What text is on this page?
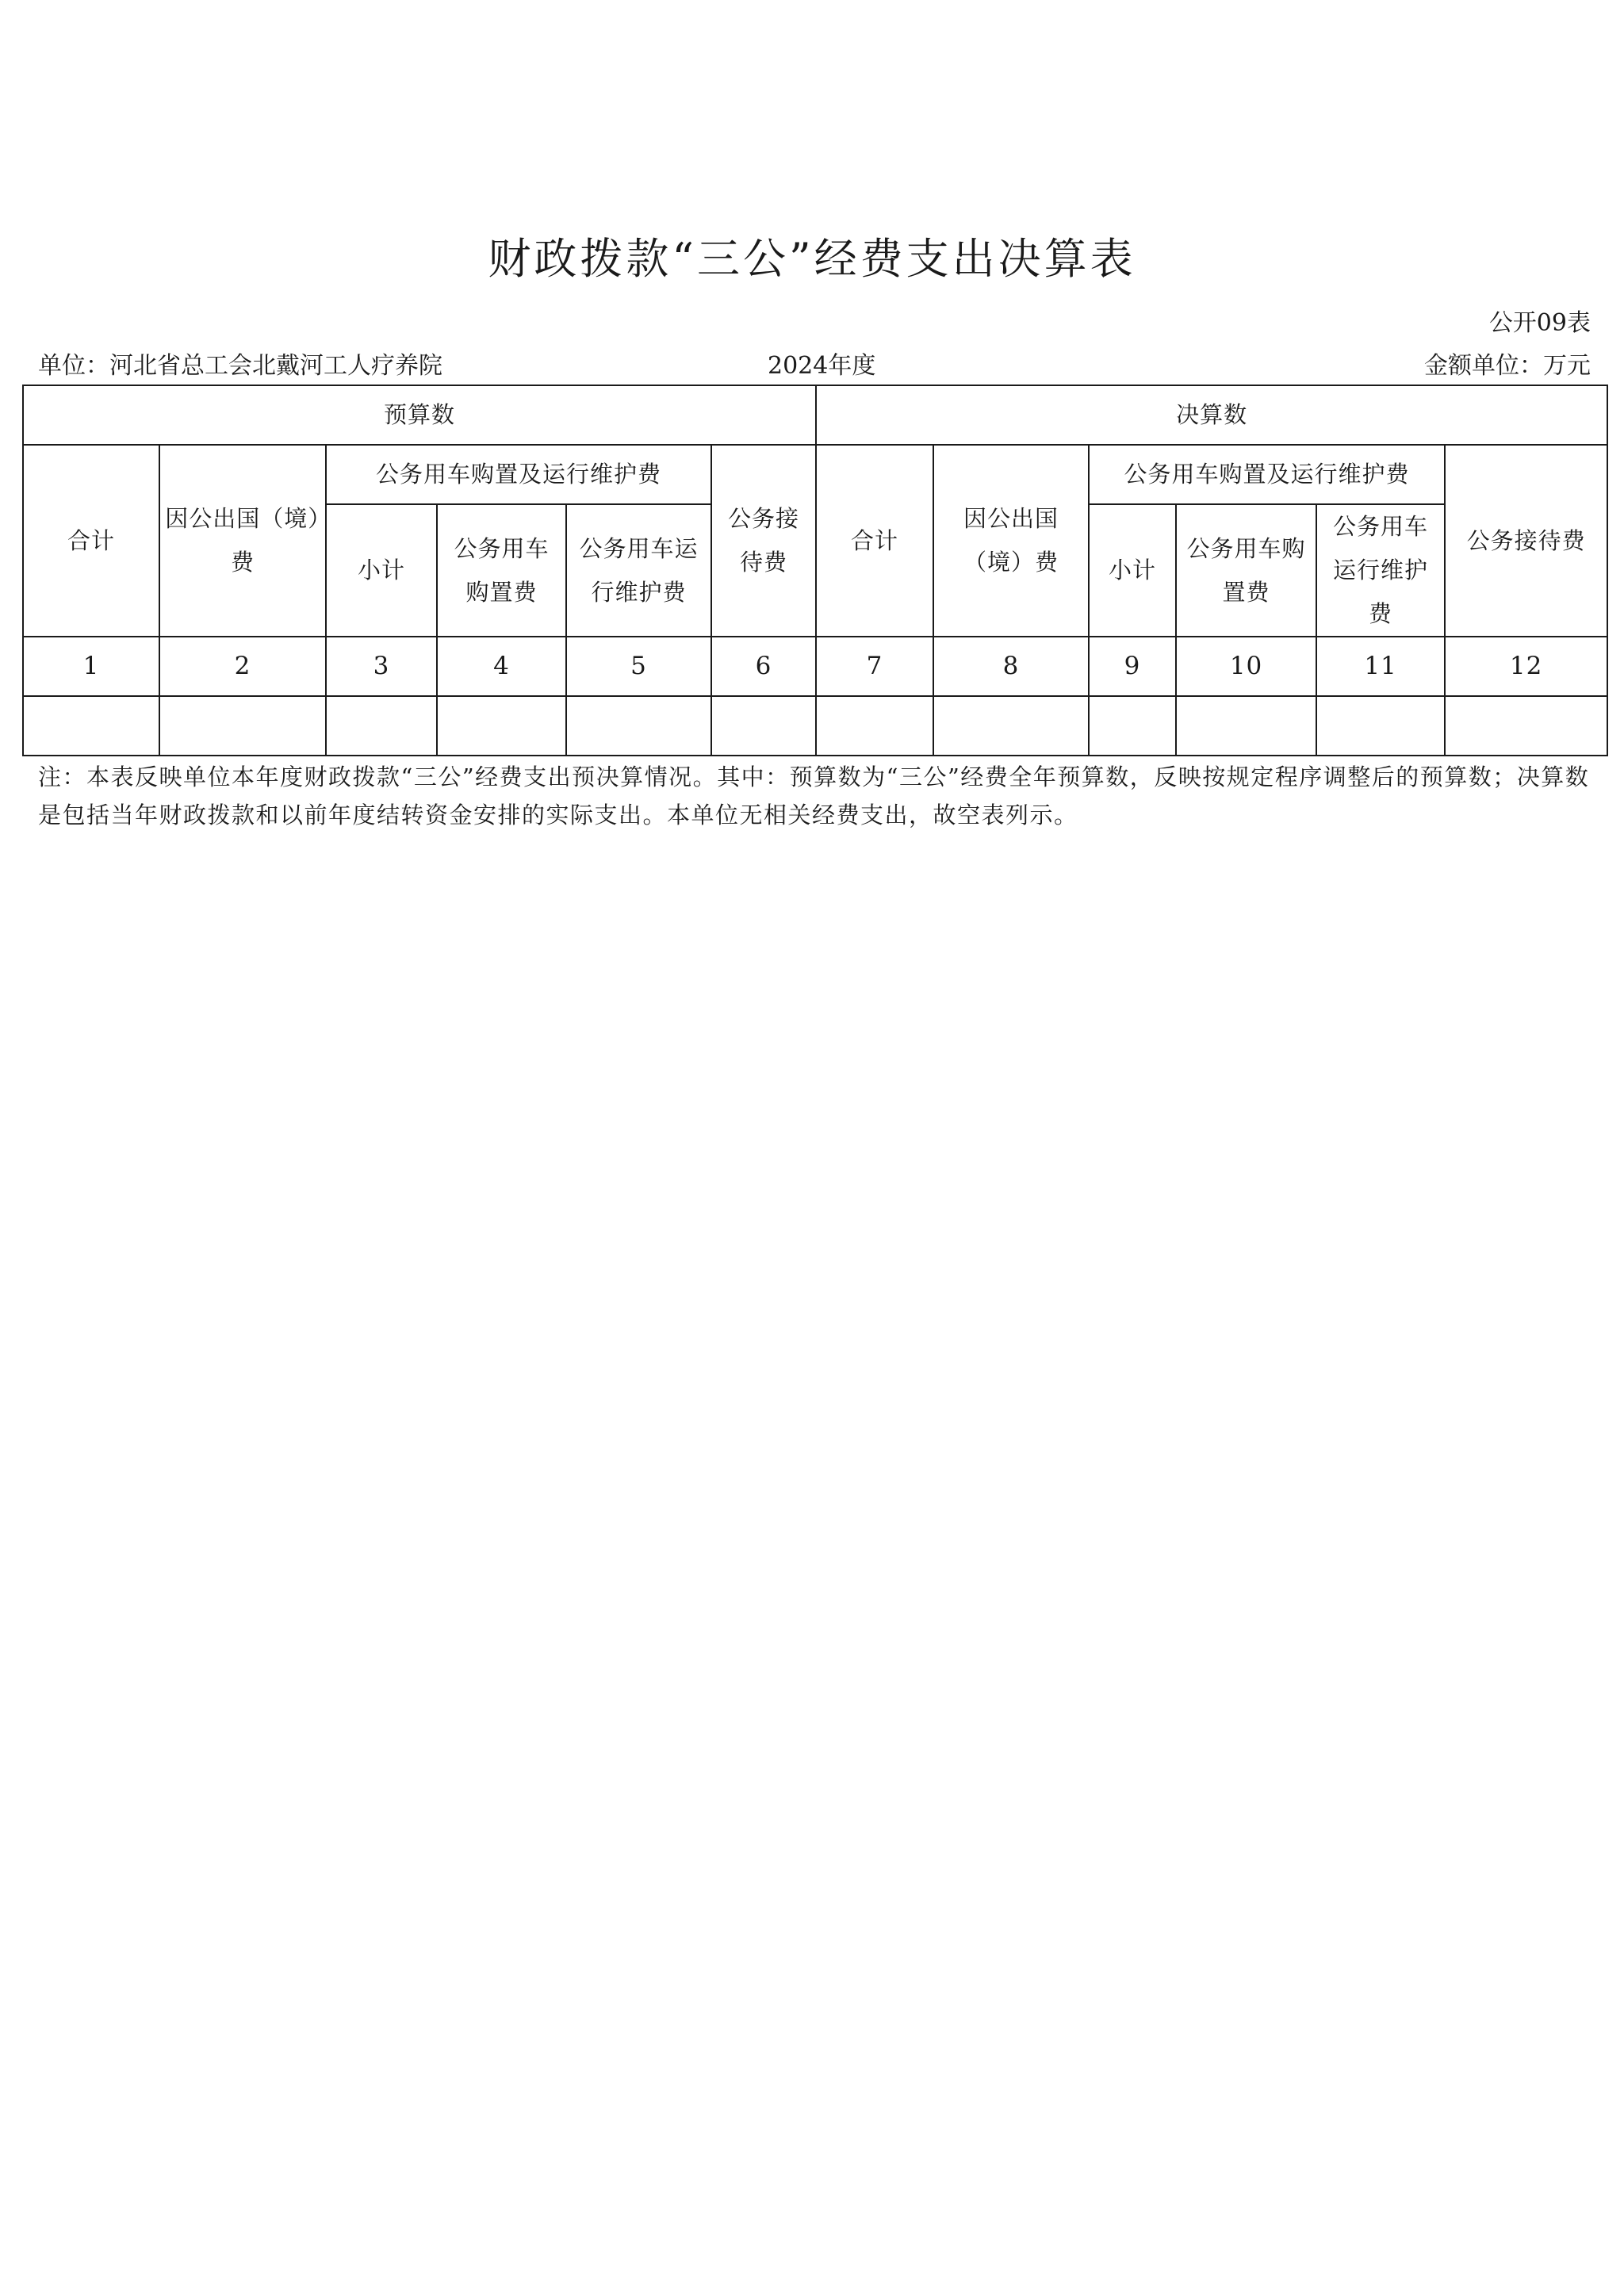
财政拨款“三公”经费支出决算表
公开09表
单位：河北省总工会北戴河工人疗养院	2024年度	金额单位：万元
预算数						决算数					
合计	因公出国（境）费	公务用车购置及运行维护费			公务接待费	合计	因公出国（境）费	公务用车购置及运行维护费			公务接待费
		小计	公务用车购置费	公务用车运行维护费				小计	公务用车购置费	公务用车运行维护费	
1	2	3	4	5	6	7	8	9	10	11	12

注：本表反映单位本年度财政拨款“三公”经费支出预决算情况。其中：预算数为“三公”经费全年预算数，反映按规定程序调整后的预算数；决算数是包括当年财政拨款和以前年度结转资金安排的实际支出。本单位无相关经费支出，故空表列示。
